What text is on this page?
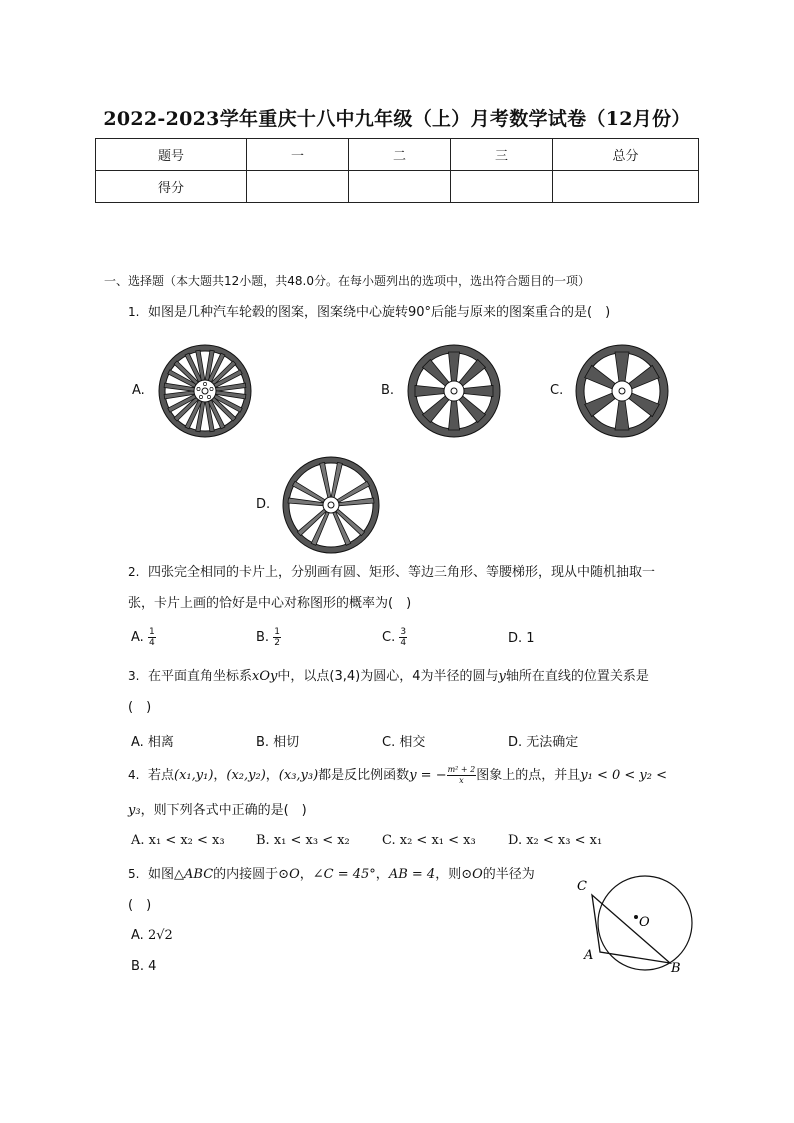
2022-2023学年重庆十八中九年级（上）月考数学试卷（12月份）
题号	一	二	三	总分
得分				
一、选择题（本大题共12小题，共48.0分。在每小题列出的选项中，选出符合题目的一项）
1. 如图是几种汽车轮毂的图案，图案绕中心旋转90°后能与原来的图案重合的是(　)
A.	B.	C.
D.
2. 四张完全相同的卡片上，分别画有圆、矩形、等边三角形、等腰梯形，现从中随机抽取一
张，卡片上画的恰好是中心对称图形的概率为(　)
A. $\frac{1}{4}$	B. $\frac{1}{2}$	C. $\frac{3}{4}$	D. 1
3. 在平面直角坐标系xOy中，以点(3,4)为圆心，4为半径的圆与y轴所在直线的位置关系是
(　)
A. 相离	B. 相切	C. 相交	D. 无法确定
4. 若点(x₁,y₁)，(x₂,y₂)，(x₃,y₃)都是反比例函数y = − $\frac{\text{m² + 2}}{x}$ 图象上的点，并且y₁ < 0 < y₂ <
y₃，则下列各式中正确的是(　)
A. x₁ < x₂ < x₃ B. x₁ < x₃ < x₂ C. x₂ < x₁ < x₃ D. x₂ < x₃ < x₁
5. 如图△ABC的内接圆于⊙O，∠C = 45°，AB = 4，则⊙O的半径为
(　)
A. 2√2
B. 4
C
O
A
B
